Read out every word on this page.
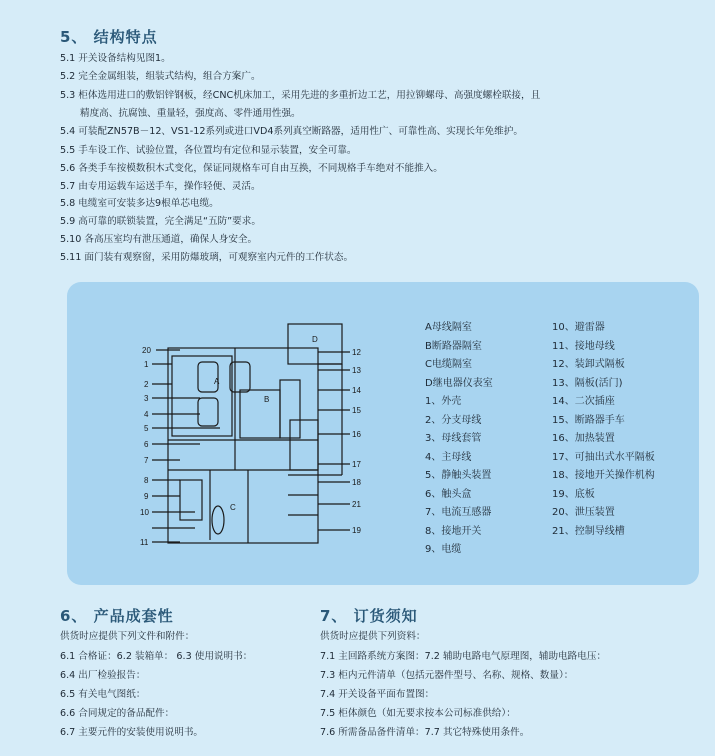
5、 结构特点
5.1 开关设备结构见图1。
5.2 完全金属组装，组装式结构，组合方案广。
5.3 柜体选用进口的敷铝锌钢板，经CNC机床加工，采用先进的多重折边工艺，用拉铆螺母、高强度螺栓联接，且
精度高、抗腐蚀、重量轻，强度高、零件通用性强。
5.4 可装配ZN57B－12、VS1-12系列或进口VD4系列真空断路器，适用性广、可靠性高、实现长年免维护。
5.5 手车设工作、试验位置，各位置均有定位和显示装置，安全可靠。
5.6 各类手车按模数积木式变化，保证同规格车可自由互换，不同规格手车绝对不能推入。
5.7 由专用运载车运送手车，操作轻便、灵活。
5.8 电缆室可安装多达9根单芯电缆。
5.9 高可靠的联锁装置，完全满足“五防”要求。
5.10 各高压室均有泄压通道，确保人身安全。
5.11 面门装有观察窗，采用防爆玻璃，可观察室内元件的工作状态。
A
B
C
D
20
1
2
3
4
5
6
7
8
9
10
11
12
13
14
15
16
17
18
21
19
A母线隔室
B断路器隔室
C电缆隔室
D继电器仪表室
1、外壳
2、分支母线
3、母线套管
4、主母线
5、静触头装置
6、触头盒
7、电流互感器
8、接地开关
9、电缆
10、避雷器
11、接地母线
12、装卸式隔板
13、隔板(活门)
14、二次插座
15、断路器手车
16、加热装置
17、可抽出式水平隔板
18、接地开关操作机构
19、底板
20、泄压装置
21、控制导线槽
6、 产品成套性
供货时应提供下列文件和附件：
6.1 合格证：6.2 装箱单： 6.3 使用说明书：
6.4 出厂检验报告：
6.5 有关电气图纸：
6.6 合同规定的备品配件：
6.7 主要元件的安装使用说明书。
7、 订货须知
供货时应提供下列资料：
7.1 主回路系统方案图：7.2 辅助电路电气原理图，辅助电路电压：
7.3 柜内元件清单（包括元器件型号、名称、规格、数量）：
7.4 开关设备平面布置图：
7.5 柜体颜色（如无要求按本公司标准供给）：
7.6 所需备品备件清单：7.7 其它特殊使用条件。
